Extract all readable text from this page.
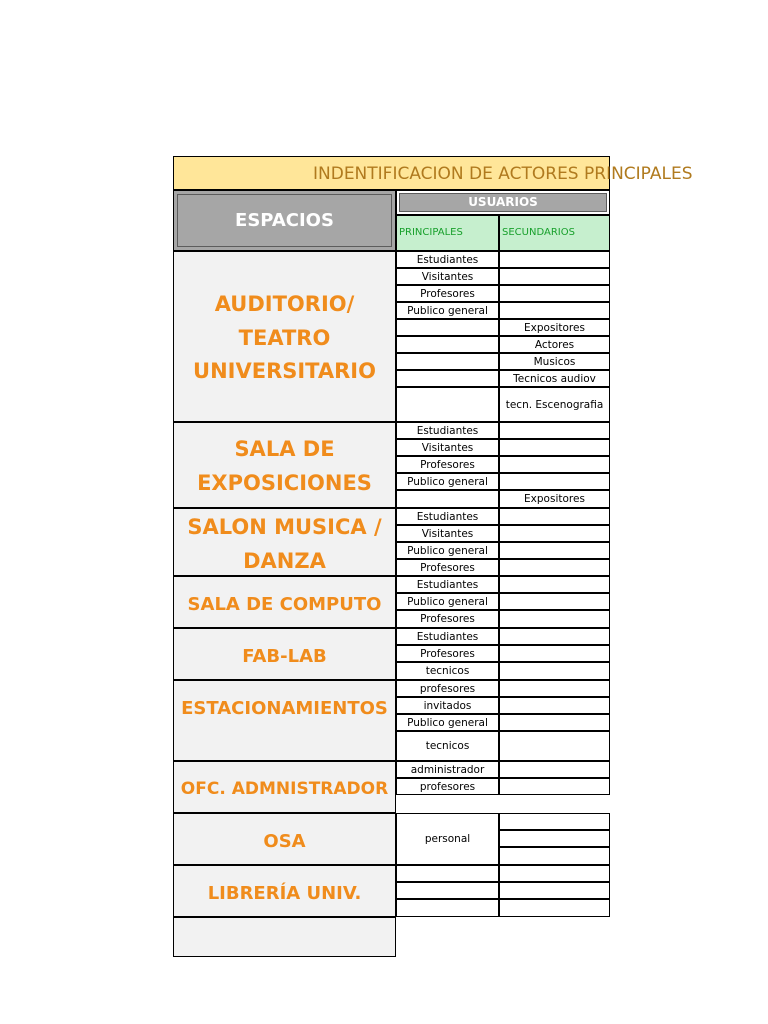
INDENTIFICACION DE ACTORES PRINCIPALES
ESPACIOS
USUARIOS
PRINCIPALES	SECUNDARIOS
AUDITORIO/
TEATRO
UNIVERSITARIO
Estudiantes
Visitantes
Profesores
Publico general
Expositores
Actores
Musicos
Tecnicos audiov
tecn. Escenografia
SALA DE
EXPOSICIONES
Estudiantes
Visitantes
Profesores
Publico general
Expositores
SALON MUSICA /
DANZA
Estudiantes
Visitantes
Publico general
Profesores
SALA DE COMPUTO
Estudiantes
Publico general
Profesores
FAB-LAB
Estudiantes
Profesores
tecnicos
ESTACIONAMIENTOS
profesores
invitados
Publico general
tecnicos
OFC. ADMNISTRADOR
administrador
profesores
OSA	personal
LIBRERÍA UNIV.
